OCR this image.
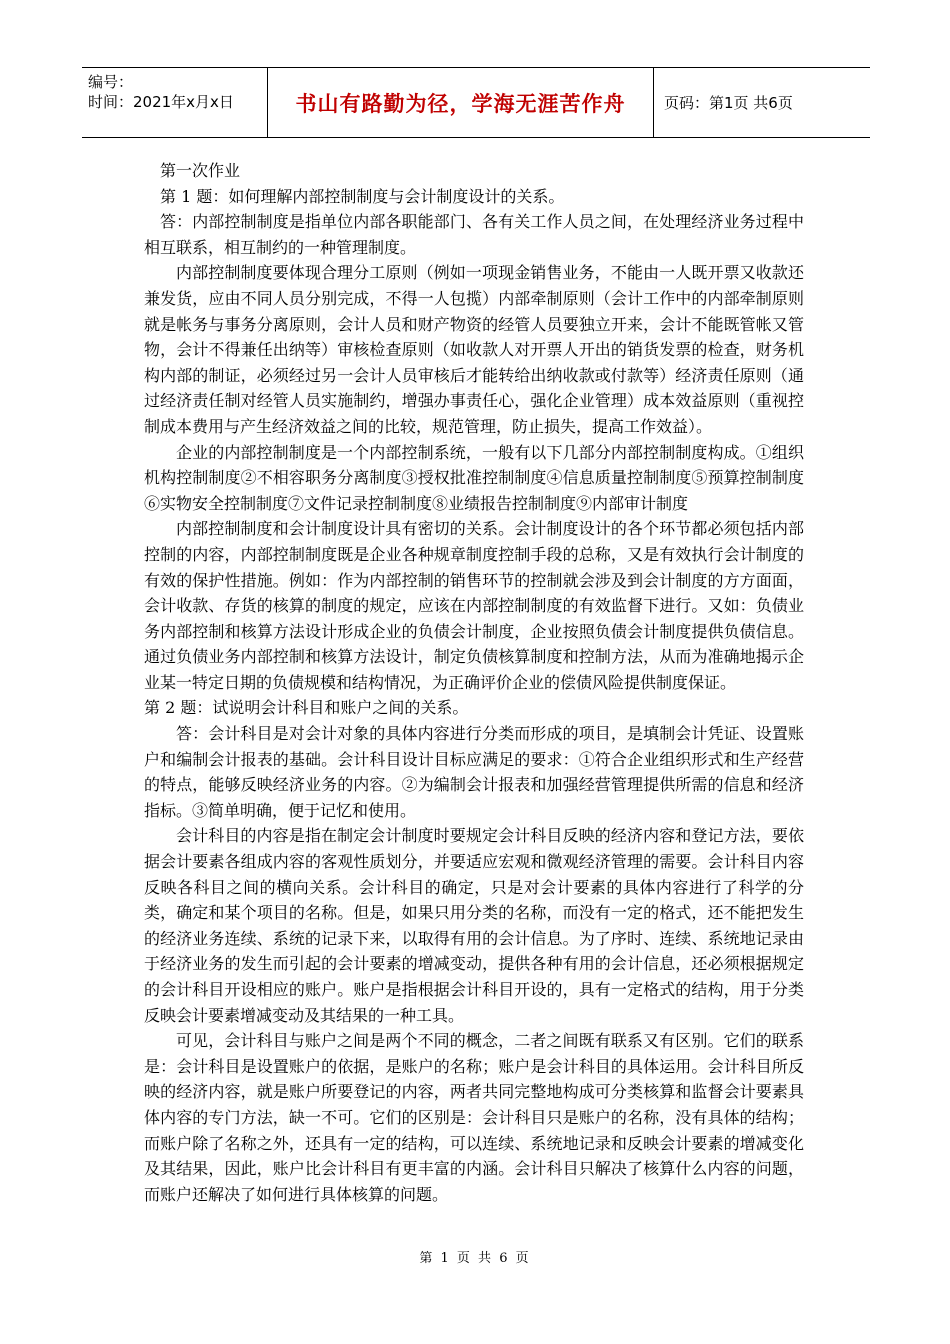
编号：
时间：2021年x月x日	书山有路勤为径，学海无涯苦作舟	页码：第1页 共6页

第一次作业

第 1 题：如何理解内部控制制度与会计制度设计的关系。

答：内部控制制度是指单位内部各职能部门、各有关工作人员之间，在处理经济业务过程中相互联系，相互制约的一种管理制度。

内部控制制度要体现合理分工原则（例如一项现金销售业务，不能由一人既开票又收款还兼发货，应由不同人员分别完成，不得一人包揽）内部牵制原则（会计工作中的内部牵制原则就是帐务与事务分离原则，会计人员和财产物资的经管人员要独立开来，会计不能既管帐又管物，会计不得兼任出纳等）审核检查原则（如收款人对开票人开出的销货发票的检查，财务机构内部的制证，必须经过另一会计人员审核后才能转给出纳收款或付款等）经济责任原则（通过经济责任制对经管人员实施制约，增强办事责任心，强化企业管理）成本效益原则（重视控制成本费用与产生经济效益之间的比较，规范管理，防止损失，提高工作效益）。

企业的内部控制制度是一个内部控制系统，一般有以下几部分内部控制制度构成。①组织机构控制制度②不相容职务分离制度③授权批准控制制度④信息质量控制制度⑤预算控制制度⑥实物安全控制制度⑦文件记录控制制度⑧业绩报告控制制度⑨内部审计制度

内部控制制度和会计制度设计具有密切的关系。会计制度设计的各个环节都必须包括内部控制的内容，内部控制制度既是企业各种规章制度控制手段的总称，又是有效执行会计制度的有效的保护性措施。例如：作为内部控制的销售环节的控制就会涉及到会计制度的方方面面，会计收款、存货的核算的制度的规定，应该在内部控制制度的有效监督下进行。又如：负债业务内部控制和核算方法设计形成企业的负债会计制度，企业按照负债会计制度提供负债信息。通过负债业务内部控制和核算方法设计，制定负债核算制度和控制方法，从而为准确地揭示企业某一特定日期的负债规模和结构情况，为正确评价企业的偿债风险提供制度保证。

第 2 题：试说明会计科目和账户之间的关系。

答：会计科目是对会计对象的具体内容进行分类而形成的项目，是填制会计凭证、设置账户和编制会计报表的基础。会计科目设计目标应满足的要求：①符合企业组织形式和生产经营的特点，能够反映经济业务的内容。②为编制会计报表和加强经营管理提供所需的信息和经济指标。③简单明确，便于记忆和使用。

会计科目的内容是指在制定会计制度时要规定会计科目反映的经济内容和登记方法，要依据会计要素各组成内容的客观性质划分，并要适应宏观和微观经济管理的需要。会计科目内容反映各科目之间的横向关系。会计科目的确定，只是对会计要素的具体内容进行了科学的分类，确定和某个项目的名称。但是，如果只用分类的名称，而没有一定的格式，还不能把发生的经济业务连续、系统的记录下来，以取得有用的会计信息。为了序时、连续、系统地记录由于经济业务的发生而引起的会计要素的增减变动，提供各种有用的会计信息，还必须根据规定的会计科目开设相应的账户。账户是指根据会计科目开设的，具有一定格式的结构，用于分类反映会计要素增减变动及其结果的一种工具。

可见，会计科目与账户之间是两个不同的概念，二者之间既有联系又有区别。它们的联系是：会计科目是设置账户的依据，是账户的名称；账户是会计科目的具体运用。会计科目所反映的经济内容，就是账户所要登记的内容，两者共同完整地构成可分类核算和监督会计要素具体内容的专门方法，缺一不可。它们的区别是：会计科目只是账户的名称，没有具体的结构；而账户除了名称之外，还具有一定的结构，可以连续、系统地记录和反映会计要素的增减变化及其结果，因此，账户比会计科目有更丰富的内涵。会计科目只解决了核算什么内容的问题，而账户还解决了如何进行具体核算的问题。

第 1 页 共 6 页
